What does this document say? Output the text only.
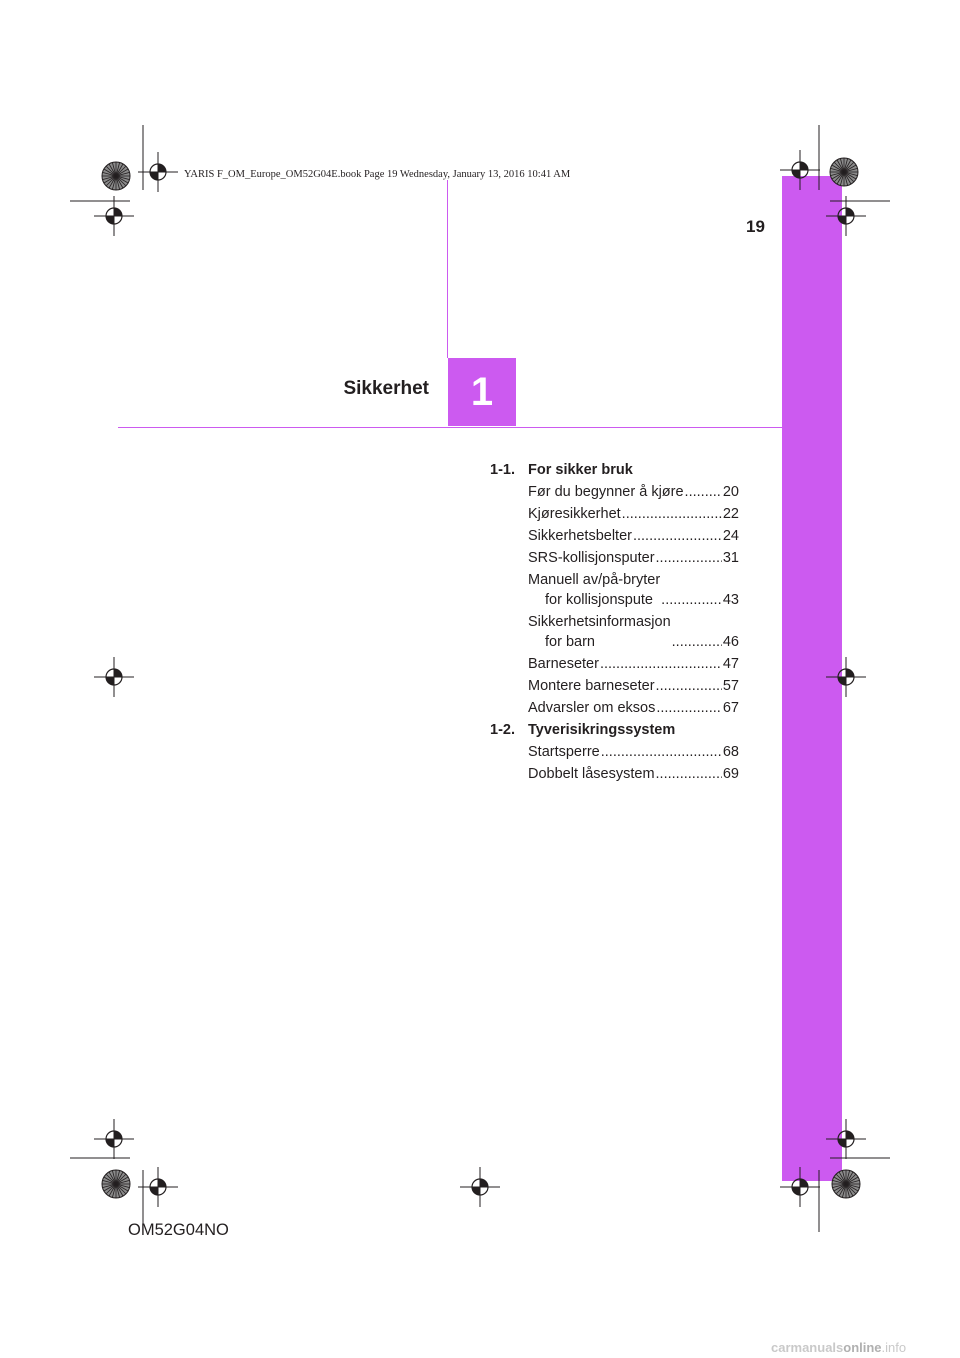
1
Sikkerhet
19
YARIS F_OM_Europe_OM52G04E.book Page 19 Wednesday, January 13, 2016 10:41 AM
1-1. For sikker bruk
Før du begynner å kjøre .....	20
Kjøresikkerhet .....	22
Sikkerhetsbelter .....	24
SRS-kollisjonsputer .....	31
Manuell av/på-bryter
for kollisjonspute .....	43
Sikkerhetsinformasjon
for barn .....	46
Barneseter .....	47
Montere barneseter .....	57
Advarsler om eksos .....	67
1-2. Tyverisikringssystem
Startsperre .....	68
Dobbelt låsesystem .....	69
OM52G04NO
carmanualsonline.info
